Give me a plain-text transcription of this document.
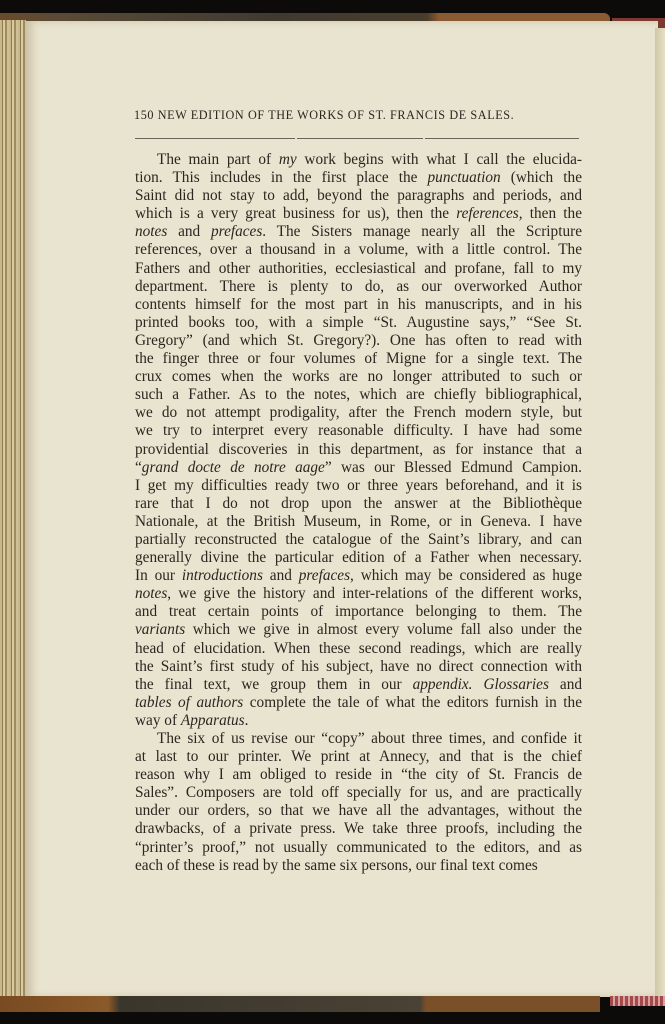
150 NEW EDITION OF THE WORKS OF ST. FRANCIS DE SALES.
The main part of my work begins with what I call the elucida-
tion. This includes in the first place the punctuation (which the
Saint did not stay to add, beyond the paragraphs and periods, and
which is a very great business for us), then the references, then the
notes and prefaces. The Sisters manage nearly all the Scripture
references, over a thousand in a volume, with a little control. The
Fathers and other authorities, ecclesiastical and profane, fall to my
department. There is plenty to do, as our overworked Author
contents himself for the most part in his manuscripts, and in his
printed books too, with a simple “St. Augustine says,” “See St.
Gregory” (and which St. Gregory?). One has often to read with
the finger three or four volumes of Migne for a single text. The
crux comes when the works are no longer attributed to such or
such a Father. As to the notes, which are chiefly bibliographical,
we do not attempt prodigality, after the French modern style, but
we try to interpret every reasonable difficulty. I have had some
providential discoveries in this department, as for instance that a
“grand docte de notre aage” was our Blessed Edmund Campion.
I get my difficulties ready two or three years beforehand, and it is
rare that I do not drop upon the answer at the Bibliothèque
Nationale, at the British Museum, in Rome, or in Geneva. I have
partially reconstructed the catalogue of the Saint’s library, and can
generally divine the particular edition of a Father when necessary.
In our introductions and prefaces, which may be considered as huge
notes, we give the history and inter-relations of the different works,
and treat certain points of importance belonging to them. The
variants which we give in almost every volume fall also under the
head of elucidation. When these second readings, which are really
the Saint’s first study of his subject, have no direct connection with
the final text, we group them in our appendix. Glossaries and
tables of authors complete the tale of what the editors furnish in the
way of Apparatus.
The six of us revise our “copy” about three times, and confide it
at last to our printer. We print at Annecy, and that is the chief
reason why I am obliged to reside in “the city of St. Francis de
Sales”. Composers are told off specially for us, and are practically
under our orders, so that we have all the advantages, without the
drawbacks, of a private press. We take three proofs, including the
“printer’s proof,” not usually communicated to the editors, and as
each of these is read by the same six persons, our final text comes
